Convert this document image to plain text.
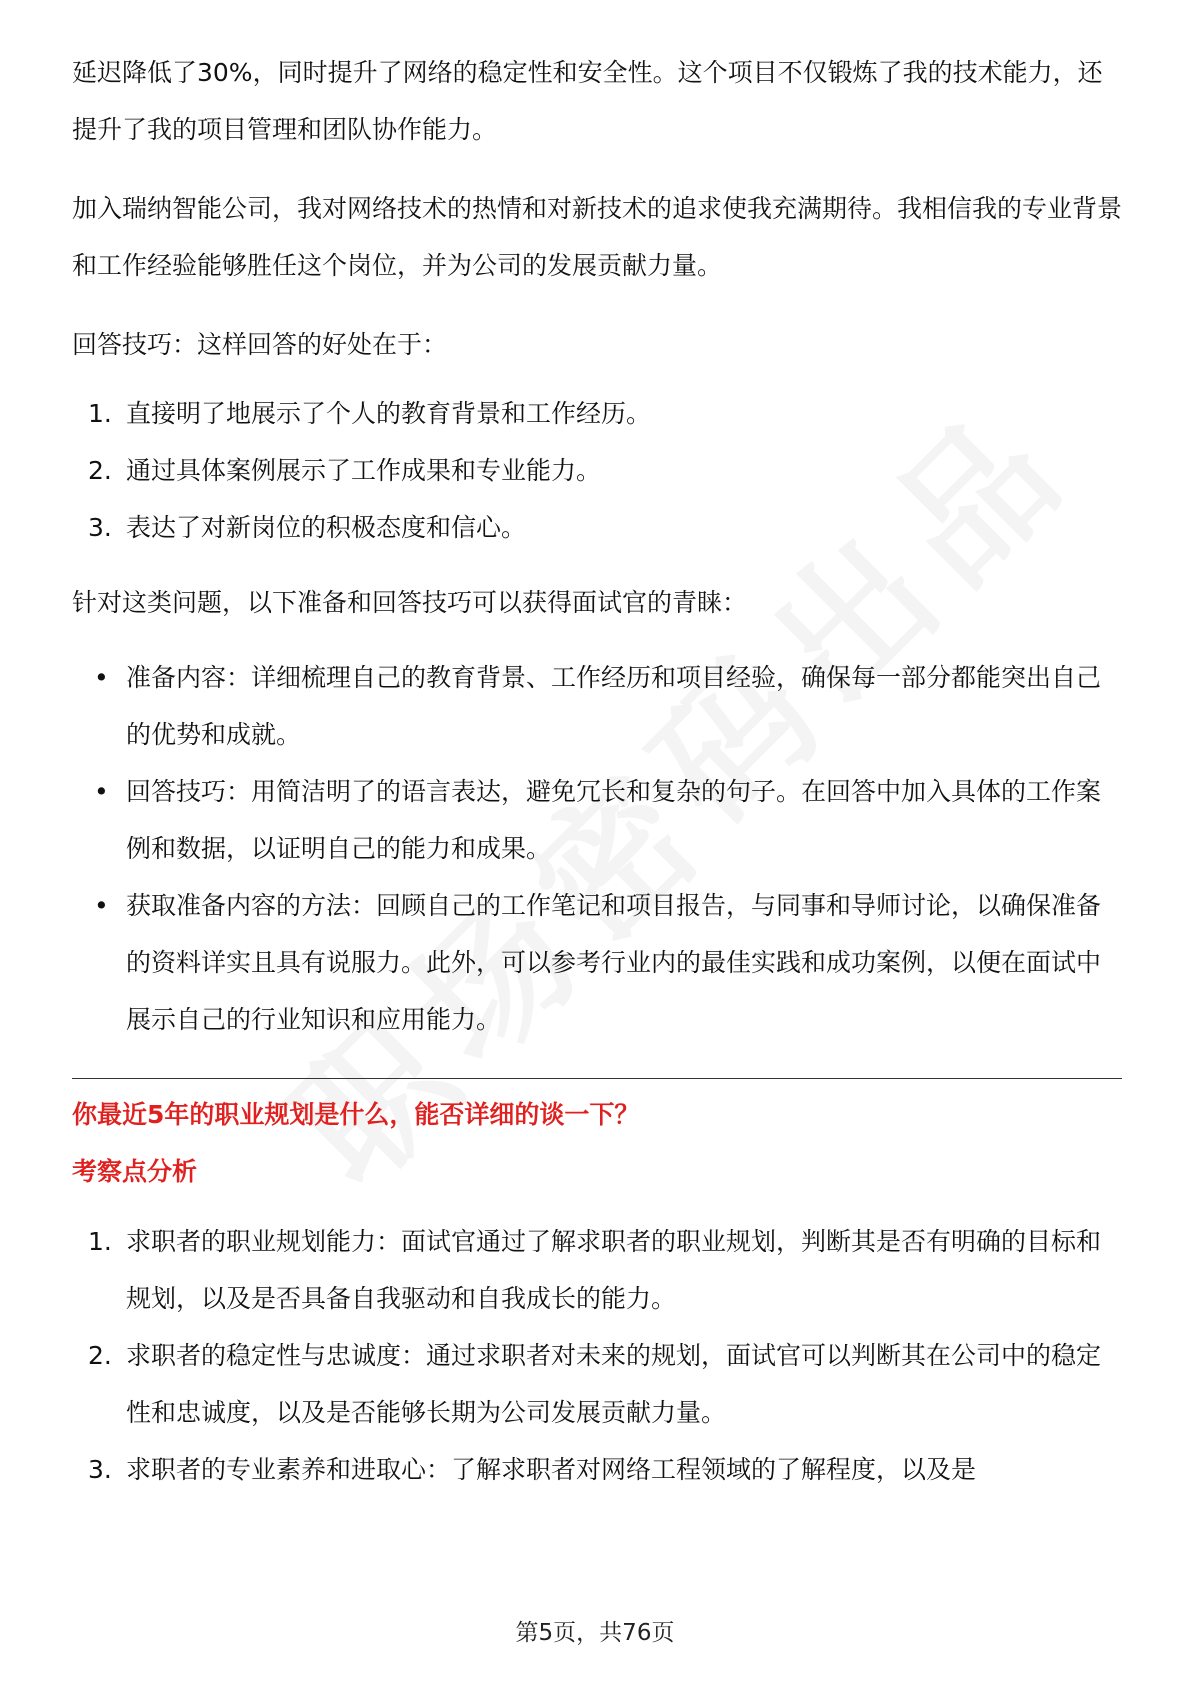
延迟降低了30%，同时提升了网络的稳定性和安全性。这个项目不仅锻炼了我的技术能力，还提升了我的项目管理和团队协作能力。

加入瑞纳智能公司，我对网络技术的热情和对新技术的追求使我充满期待。我相信我的专业背景和工作经验能够胜任这个岗位，并为公司的发展贡献力量。

回答技巧：这样回答的好处在于：

1. 直接明了地展示了个人的教育背景和工作经历。
2. 通过具体案例展示了工作成果和专业能力。
3. 表达了对新岗位的积极态度和信心。

针对这类问题，以下准备和回答技巧可以获得面试官的青睐：

• 准备内容：详细梳理自己的教育背景、工作经历和项目经验，确保每一部分都能突出自己的优势和成就。
• 回答技巧：用简洁明了的语言表达，避免冗长和复杂的句子。在回答中加入具体的工作案例和数据，以证明自己的能力和成果。
• 获取准备内容的方法：回顾自己的工作笔记和项目报告，与同事和导师讨论，以确保准备的资料详实且具有说服力。此外，可以参考行业内的最佳实践和成功案例，以便在面试中展示自己的行业知识和应用能力。
你最近5年的职业规划是什么，能否详细的谈一下？
考察点分析
1. 求职者的职业规划能力：面试官通过了解求职者的职业规划，判断其是否有明确的目标和规划，以及是否具备自我驱动和自我成长的能力。
2. 求职者的稳定性与忠诚度：通过求职者对未来的规划，面试官可以判断其在公司中的稳定性和忠诚度，以及是否能够长期为公司发展贡献力量。
3. 求职者的专业素养和进取心：了解求职者对网络工程领域的了解程度，以及是
第5页，共76页
